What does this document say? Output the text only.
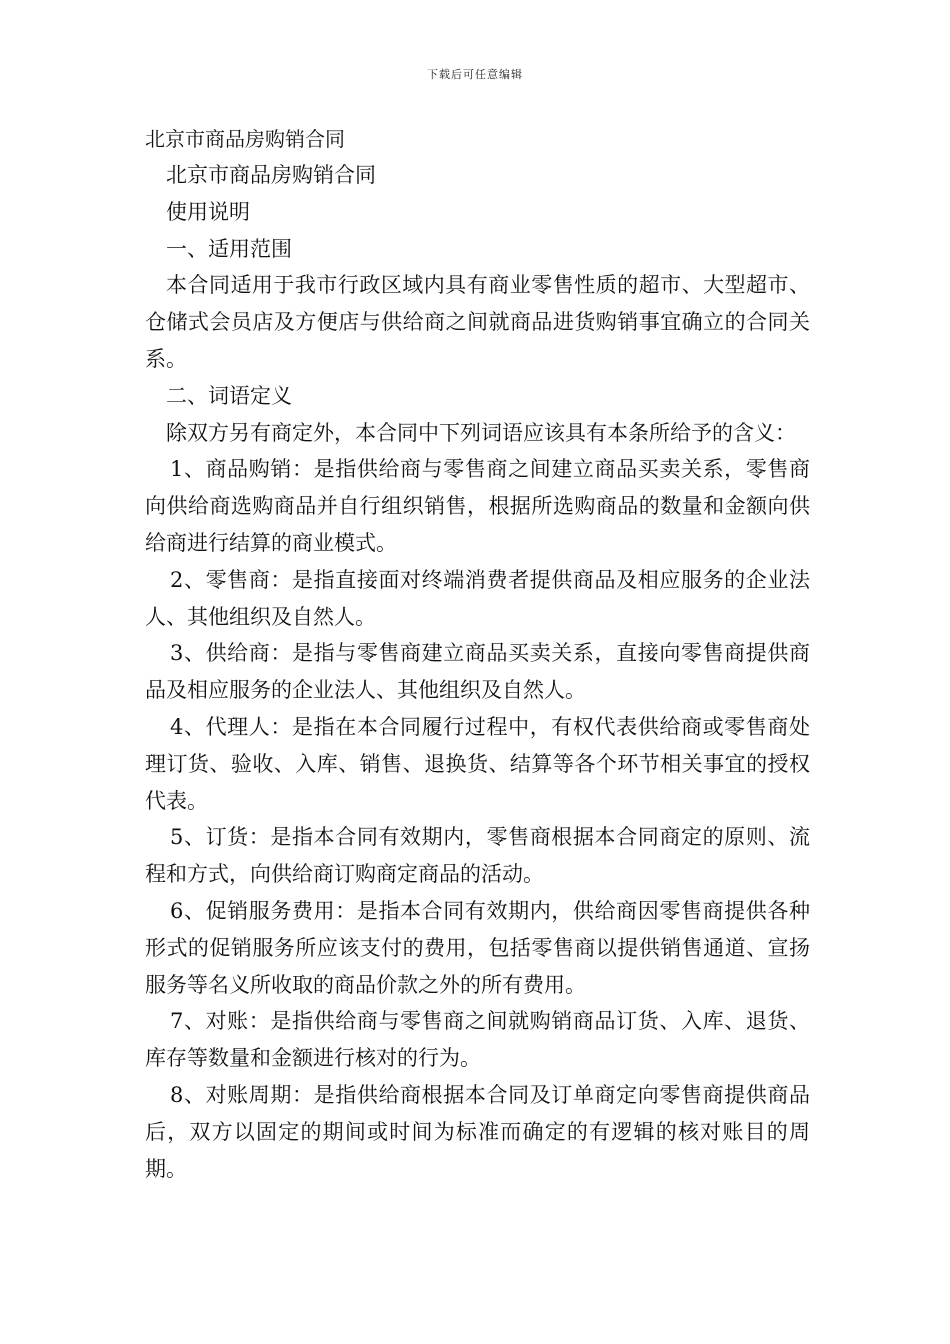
下载后可任意编辑
北京市商品房购销合同

北京市商品房购销合同

使用说明

一、适用范围

本合同适用于我市行政区域内具有商业零售性质的超市、大型超市、仓储式会员店及方便店与供给商之间就商品进货购销事宜确立的合同关系。

二、词语定义

除双方另有商定外，本合同中下列词语应该具有本条所给予的含义：

1、商品购销：是指供给商与零售商之间建立商品买卖关系，零售商向供给商选购商品并自行组织销售，根据所选购商品的数量和金额向供给商进行结算的商业模式。

2、零售商：是指直接面对终端消费者提供商品及相应服务的企业法人、其他组织及自然人。

3、供给商：是指与零售商建立商品买卖关系，直接向零售商提供商品及相应服务的企业法人、其他组织及自然人。

4、代理人：是指在本合同履行过程中，有权代表供给商或零售商处理订货、验收、入库、销售、退换货、结算等各个环节相关事宜的授权代表。

5、订货：是指本合同有效期内，零售商根据本合同商定的原则、流程和方式，向供给商订购商定商品的活动。

6、促销服务费用：是指本合同有效期内，供给商因零售商提供各种形式的促销服务所应该支付的费用，包括零售商以提供销售通道、宣扬服务等名义所收取的商品价款之外的所有费用。

7、对账：是指供给商与零售商之间就购销商品订货、入库、退货、库存等数量和金额进行核对的行为。

8、对账周期：是指供给商根据本合同及订单商定向零售商提供商品后，双方以固定的期间或时间为标准而确定的有逻辑的核对账目的周期。
